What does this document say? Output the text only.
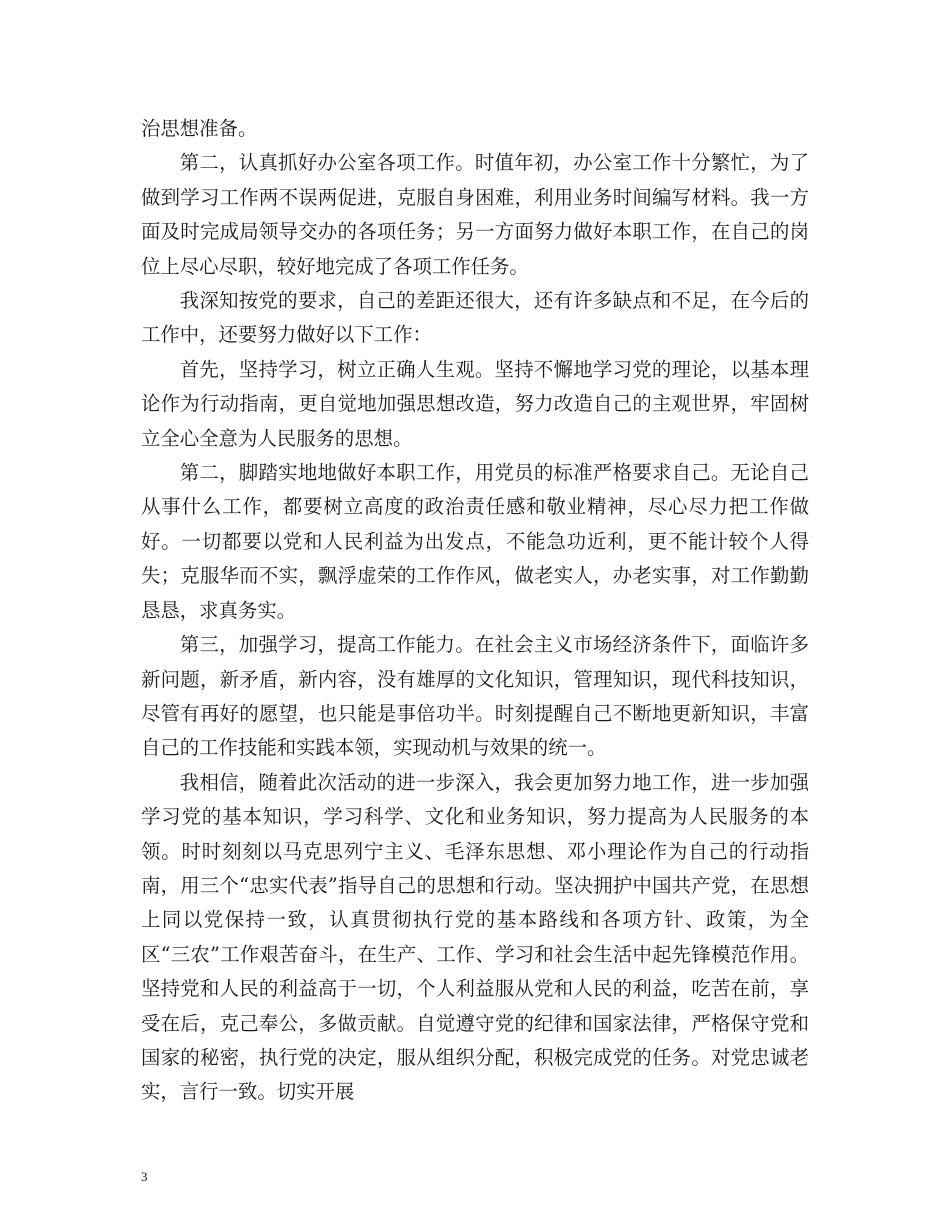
治思想准备。

第二，认真抓好办公室各项工作。时值年初，办公室工作十分繁忙，为了做到学习工作两不误两促进，克服自身困难，利用业务时间编写材料。我一方面及时完成局领导交办的各项任务；另一方面努力做好本职工作，在自己的岗位上尽心尽职，较好地完成了各项工作任务。

我深知按党的要求，自己的差距还很大，还有许多缺点和不足，在今后的工作中，还要努力做好以下工作：

首先，坚持学习，树立正确人生观。坚持不懈地学习党的理论，以基本理论作为行动指南，更自觉地加强思想改造，努力改造自己的主观世界，牢固树立全心全意为人民服务的思想。

第二，脚踏实地地做好本职工作，用党员的标准严格要求自己。无论自己从事什么工作，都要树立高度的政治责任感和敬业精神，尽心尽力把工作做好。一切都要以党和人民利益为出发点，不能急功近利，更不能计较个人得失；克服华而不实，飘浮虚荣的工作作风，做老实人，办老实事，对工作勤勤恳恳，求真务实。

第三，加强学习，提高工作能力。在社会主义市场经济条件下，面临许多新问题，新矛盾，新内容，没有雄厚的文化知识，管理知识，现代科技知识，尽管有再好的愿望，也只能是事倍功半。时刻提醒自己不断地更新知识，丰富自己的工作技能和实践本领，实现动机与效果的统一。

我相信，随着此次活动的进一步深入，我会更加努力地工作，进一步加强学习党的基本知识，学习科学、文化和业务知识，努力提高为人民服务的本领。时时刻刻以马克思列宁主义、毛泽东思想、邓小理论作为自己的行动指南，用三个“忠实代表”指导自己的思想和行动。坚决拥护中国共产党，在思想上同以党保持一致，认真贯彻执行党的基本路线和各项方针、政策，为全区“三农”工作艰苦奋斗，在生产、工作、学习和社会生活中起先锋模范作用。坚持党和人民的利益高于一切，个人利益服从党和人民的利益，吃苦在前，享受在后，克己奉公，多做贡献。自觉遵守党的纪律和国家法律，严格保守党和国家的秘密，执行党的决定，服从组织分配，积极完成党的任务。对党忠诚老实，言行一致。切实开展

3
